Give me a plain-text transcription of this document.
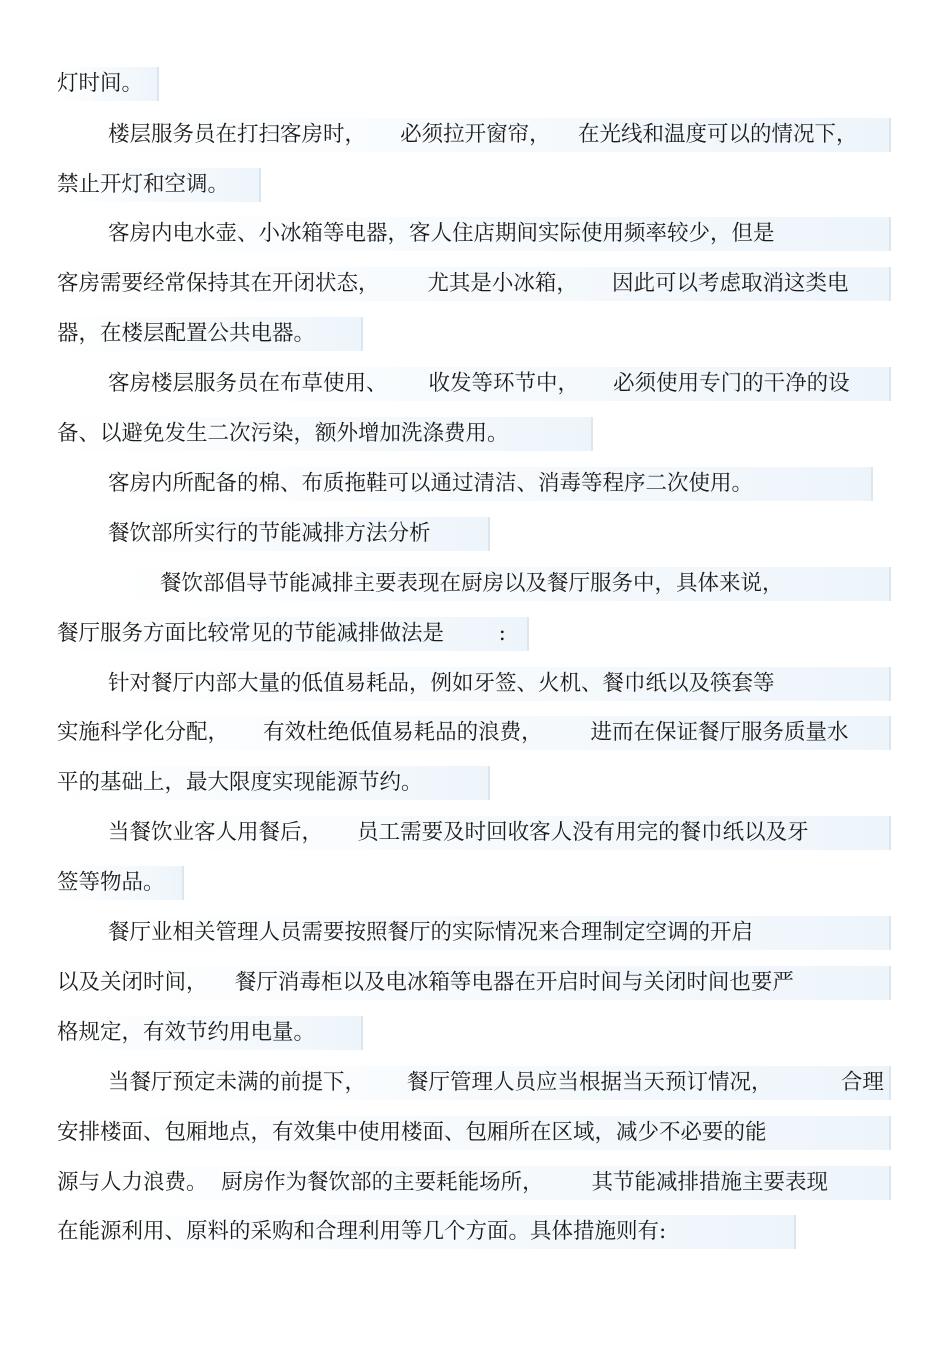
灯时间。
楼层服务员在打扫客房时，     必须拉开窗帘，    在光线和温度可以的情况下，
禁止开灯和空调。
客房内电水壶、小冰箱等电器，客人住店期间实际使用频率较少，但是
客房需要经常保持其在开闭状态，       尤其是小冰箱，     因此可以考虑取消这类电
器，在楼层配置公共电器。
客房楼层服务员在布草使用、      收发等环节中，     必须使用专门的干净的设
备、以避免发生二次污染，额外增加洗涤费用。
客房内所配备的棉、布质拖鞋可以通过清洁、消毒等程序二次使用。
餐饮部所实行的节能减排方法分析
餐饮部倡导节能减排主要表现在厨房以及餐厅服务中，具体来说，
餐厅服务方面比较常见的节能减排做法是        :
针对餐厅内部大量的低值易耗品，例如牙签、火机、餐巾纸以及筷套等
实施科学化分配，     有效杜绝低值易耗品的浪费，       进而在保证餐厅服务质量水
平的基础上，最大限度实现能源节约。
当餐饮业客人用餐后，     员工需要及时回收客人没有用完的餐巾纸以及牙
签等物品。
餐厅业相关管理人员需要按照餐厅的实际情况来合理制定空调的开启
以及关闭时间，    餐厅消毒柜以及电冰箱等电器在开启时间与关闭时间也要严
格规定，有效节约用电量。
当餐厅预定未满的前提下，      餐厅管理人员应当根据当天预订情况，          合理
安排楼面、包厢地点，有效集中使用楼面、包厢所在区域，减少不必要的能
源与人力浪费。  厨房作为餐饮部的主要耗能场所，       其节能减排措施主要表现
在能源利用、原料的采购和合理利用等几个方面。具体措施则有:
